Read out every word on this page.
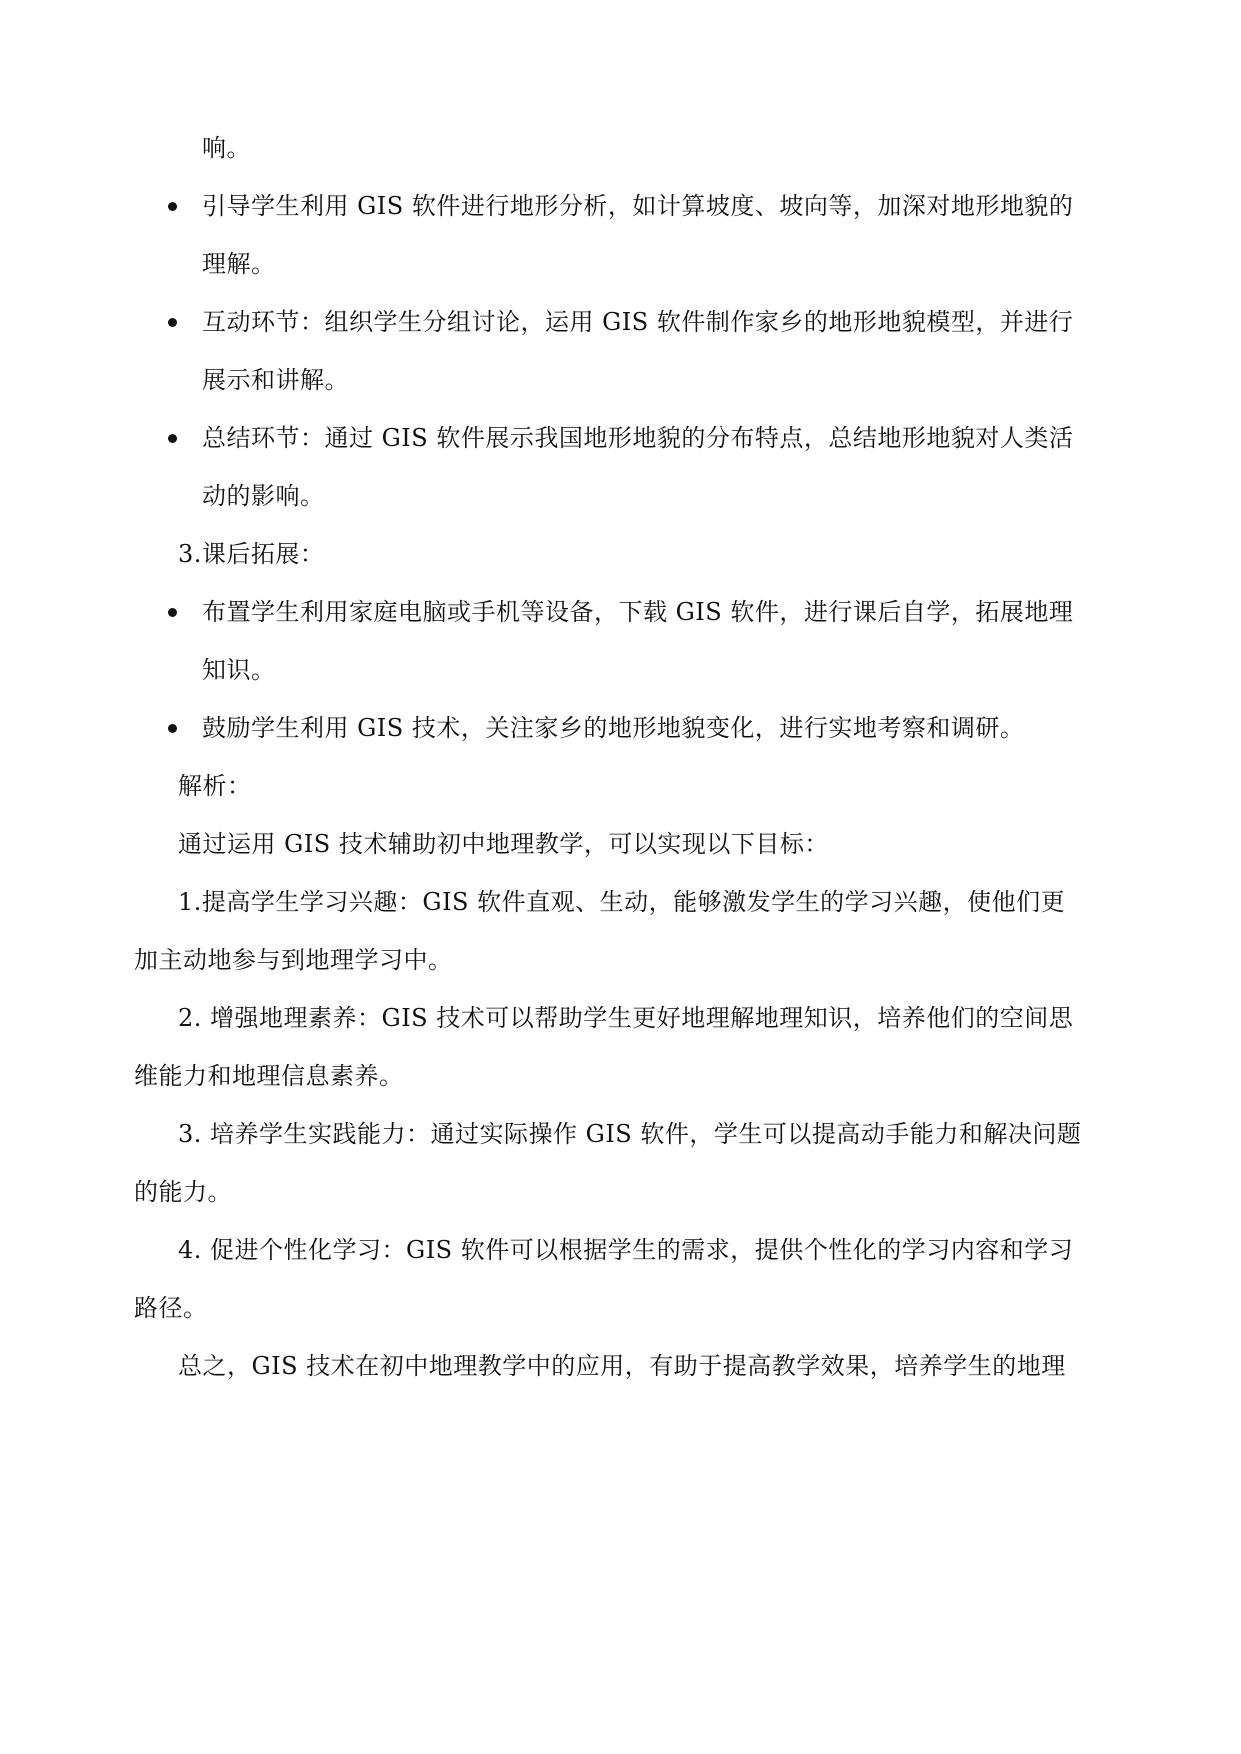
响。
引导学生利用 GIS 软件进行地形分析，如计算坡度、坡向等，加深对地形地貌的
理解。
互动环节：组织学生分组讨论，运用 GIS 软件制作家乡的地形地貌模型，并进行
展示和讲解。
总结环节：通过 GIS 软件展示我国地形地貌的分布特点，总结地形地貌对人类活
动的影响。
3.课后拓展：
布置学生利用家庭电脑或手机等设备，下载 GIS 软件，进行课后自学，拓展地理
知识。
鼓励学生利用 GIS 技术，关注家乡的地形地貌变化，进行实地考察和调研。
解析：
通过运用 GIS 技术辅助初中地理教学，可以实现以下目标：
1.提高学生学习兴趣：GIS 软件直观、生动，能够激发学生的学习兴趣，使他们更
加主动地参与到地理学习中。
2. 增强地理素养：GIS 技术可以帮助学生更好地理解地理知识，培养他们的空间思
维能力和地理信息素养。
3. 培养学生实践能力：通过实际操作 GIS 软件，学生可以提高动手能力和解决问题
的能力。
4. 促进个性化学习：GIS 软件可以根据学生的需求，提供个性化的学习内容和学习
路径。
总之，GIS 技术在初中地理教学中的应用，有助于提高教学效果，培养学生的地理
